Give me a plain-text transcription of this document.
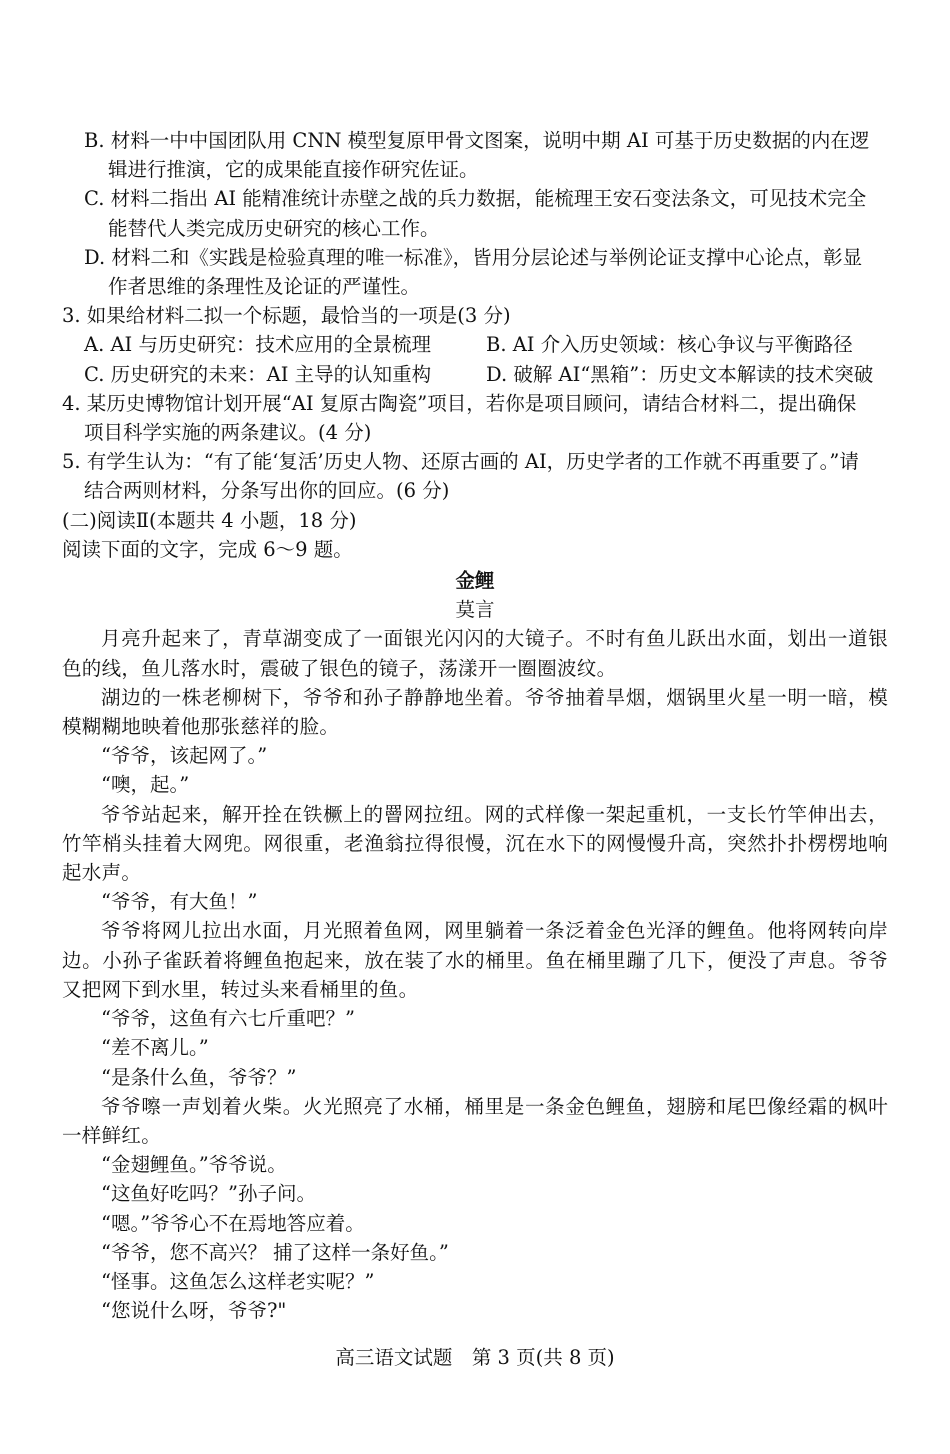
B. 材料一中中国团队用 CNN 模型复原甲骨文图案，说明中期 AI 可基于历史数据的内在逻
辑进行推演，它的成果能直接作研究佐证。
C. 材料二指出 AI 能精准统计赤壁之战的兵力数据，能梳理王安石变法条文，可见技术完全
能替代人类完成历史研究的核心工作。
D. 材料二和《实践是检验真理的唯一标准》，皆用分层论述与举例论证支撑中心论点，彰显
作者思维的条理性及论证的严谨性。
3. 如果给材料二拟一个标题，最恰当的一项是(3 分)
A. AI 与历史研究：技术应用的全景梳理	B. AI 介入历史领域：核心争议与平衡路径
C. 历史研究的未来：AI 主导的认知重构	D. 破解 AI“黑箱”：历史文本解读的技术突破
4. 某历史博物馆计划开展“AI 复原古陶瓷”项目，若你是项目顾问，请结合材料二，提出确保
项目科学实施的两条建议。(4 分)
5. 有学生认为：“有了能‘复活’历史人物、还原古画的 AI，历史学者的工作就不再重要了。”请
结合两则材料，分条写出你的回应。(6 分)
(二)阅读Ⅱ(本题共 4 小题，18 分)
阅读下面的文字，完成 6～9 题。
金鲤
莫言

月亮升起来了，青草湖变成了一面银光闪闪的大镜子。不时有鱼儿跃出水面，划出一道银色的线，鱼儿落水时，震破了银色的镜子，荡漾开一圈圈波纹。

湖边的一株老柳树下，爷爷和孙子静静地坐着。爷爷抽着旱烟，烟锅里火星一明一暗，模模糊糊地映着他那张慈祥的脸。

“爷爷，该起网了。”
“噢，起。”

爷爷站起来，解开拴在铁橛上的罾网拉纽。网的式样像一架起重机，一支长竹竿伸出去，竹竿梢头挂着大网兜。网很重，老渔翁拉得很慢，沉在水下的网慢慢升高，突然扑扑楞楞地响起水声。

“爷爷，有大鱼！”

爷爷将网儿拉出水面，月光照着鱼网，网里躺着一条泛着金色光泽的鲤鱼。他将网转向岸边。小孙子雀跃着将鲤鱼抱起来，放在装了水的桶里。鱼在桶里蹦了几下，便没了声息。爷爷又把网下到水里，转过头来看桶里的鱼。

“爷爷，这鱼有六七斤重吧？”
“差不离儿。”
“是条什么鱼，爷爷？”

爷爷嚓一声划着火柴。火光照亮了水桶，桶里是一条金色鲤鱼，翅膀和尾巴像经霜的枫叶一样鲜红。

“金翅鲤鱼。”爷爷说。
“这鱼好吃吗？”孙子问。
“嗯。”爷爷心不在焉地答应着。
“爷爷，您不高兴？ 捕了这样一条好鱼。”
“怪事。这鱼怎么这样老实呢？”
“您说什么呀，爷爷?"
高三语文试题　第 3 页(共 8 页)
